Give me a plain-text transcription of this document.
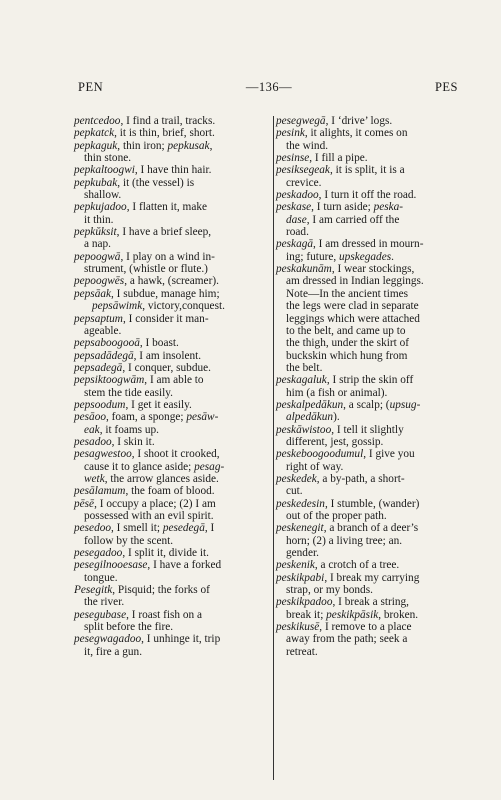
PEN	—136—	PES
pentcedoo, I find a trail, tracks.
pepkatck, it is thin, brief, short.
pepkaguk, thin iron; pepkusak,
thin stone.
pepkaltoogwi, I have thin hair.
pepkubak, it (the vessel) is
shallow.
pepkujadoo, I flatten it, make
it thin.
pepkŭksit, I have a brief sleep,
a nap.
pepoogwā, I play on a wind in-
strument, (whistle or flute.)
pepoogwēs, a hawk, (screamer).
pepsāak, I subdue, manage him;
pepsāwimk, victory,conquest.
pepsaptum, I consider it man-
ageable.
pepsaboogooā, I boast.
pepsadādegā, I am insolent.
pepsadegā, I conquer, subdue.
pepsiktoogwām, I am able to
stem the tide easily.
pepsoodum, I get it easily.
pesāoo, foam, a sponge; pesāw-
eak, it foams up.
pesadoo, I skin it.
pesagwestoo, I shoot it crooked,
cause it to glance aside; pesag-
wetk, the arrow glances aside.
pesālamum, the foam of blood.
pēsē, I occupy a place; (2) I am
possessed with an evil spirit.
pesedoo, I smell it; pesedegā, I
follow by the scent.
pesegadoo, I split it, divide it.
pesegilnooesase, I have a forked
tongue.
Pesegitk, Pisquid; the forks of
the river.
pesegubase, I roast fish on a
split before the fire.
pesegwagadoo, I unhinge it, trip
it, fire a gun.
pesegwegā, I ‘drive’ logs.
pesink, it alights, it comes on
the wind.
pesinse, I fill a pipe.
pesiksegeak, it is split, it is a
crevice.
peskadoo, I turn it off the road.
peskase, I turn aside; peska-
dase, I am carried off the
road.
peskagā, I am dressed in mourn-
ing; future, upskegades.
peskakunām, I wear stockings,
am dressed in Indian leggings.
Note—In the ancient times
the legs were clad in separate
leggings which were attached
to the belt, and came up to
the thigh, under the skirt of
buckskin which hung from
the belt.
peskagaluk, I strip the skin off
him (a fish or animal).
peskalpedākun, a scalp; (upsug-
alpedākun).
peskāwistoo, I tell it slightly
different, jest, gossip.
peskeboogoodumul, I give you
right of way.
peskedek, a by-path, a short-
cut.
peskedesin, I stumble, (wander)
out of the proper path.
peskenegit, a branch of a deer’s
horn; (2) a living tree; an.
gender.
peskenik, a crotch of a tree.
peskikpabi, I break my carrying
strap, or my bonds.
peskikpadoo, I break a string,
break it; peskikpāsik, broken.
peskikusē, I remove to a place
away from the path; seek a
retreat.
